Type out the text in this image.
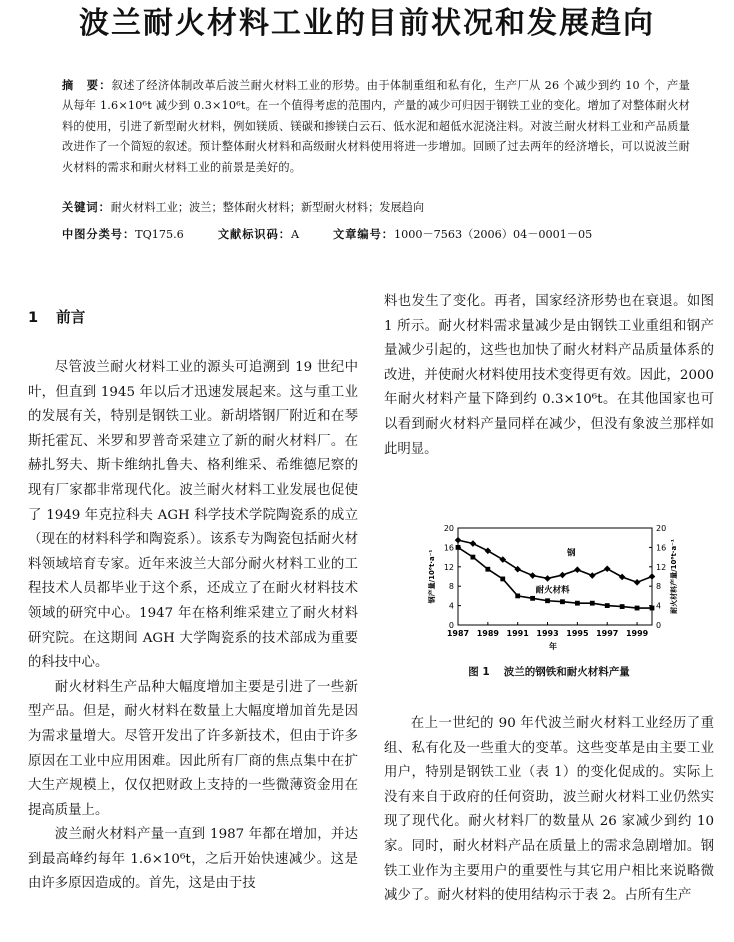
波兰耐火材料工业的目前状况和发展趋向
摘　要：叙述了经济体制改革后波兰耐火材料工业的形势。由于体制重组和私有化，生产厂从 26 个减少到约 10 个，产量从每年 1.6×10⁶t 减少到 0.3×10⁶t。在一个值得考虑的范围内，产量的减少可归因于钢铁工业的变化。增加了对整体耐火材料的使用，引进了新型耐火材料，例如镁质、镁碳和掺镁白云石、低水泥和超低水泥浇注料。对波兰耐火材料工业和产品质量改进作了一个简短的叙述。预计整体耐火材料和高级耐火材料使用将进一步增加。回顾了过去两年的经济增长，可以说波兰耐火材料的需求和耐火材料工业的前景是美好的。
关键词：耐火材料工业；波兰；整体耐火材料；新型耐火材料；发展趋向
中图分类号：TQ175.6	文献标识码：A	文章编号：1000－7563（2006）04－0001－05
1 前言

尽管波兰耐火材料工业的源头可追溯到 19 世纪中叶，但直到 1945 年以后才迅速发展起来。这与重工业的发展有关，特别是钢铁工业。新胡塔钢厂附近和在琴斯托霍瓦、米罗和罗普奇采建立了新的耐火材料厂。在赫扎努夫、斯卡维纳扎鲁夫、格利维采、希维德尼察的现有厂家都非常现代化。波兰耐火材料工业发展也促使了 1949 年克拉科夫 AGH 科学技术学院陶瓷系的成立（现在的材料科学和陶瓷系）。该系专为陶瓷包括耐火材料领域培育专家。近年来波兰大部分耐火材料工业的工程技术人员都毕业于这个系，还成立了在耐火材料技术领域的研究中心。1947 年在格利维采建立了耐火材料研究院。在这期间 AGH 大学陶瓷系的技术部成为重要的科技中心。

耐火材料生产品种大幅度增加主要是引进了一些新型产品。但是，耐火材料在数量上大幅度增加首先是因为需求量增大。尽管开发出了许多新技术，但由于许多原因在工业中应用困难。因此所有厂商的焦点集中在扩大生产规模上，仅仅把财政上支持的一些微薄资金用在提高质量上。

波兰耐火材料产量一直到 1987 年都在增加，并达到最高峰约每年 1.6×10⁶t，之后开始快速减少。这是由许多原因造成的。首先，这是由于技

料也发生了变化。再者，国家经济形势也在衰退。如图 1 所示。耐火材料需求量减少是由钢铁工业重组和钢产量减少引起的，这些也加快了耐火材料产品质量体系的改进，并使耐火材料使用技术变得更有效。因此，2000 年耐火材料产量下降到约 0.3×10⁶t。在其他国家也可以看到耐火材料产量同样在减少，但没有象波兰那样如此明显。

0	0
4	4
8	8
12	12
16	16
20	20
1987 1989 1991 1993 1995 1997 1999
年
钢产量/10⁶t·a⁻¹	耐火材料产量/10⁶t·a⁻¹
钢
耐火材料
图 1 波兰的钢铁和耐火材料产量

在上一世纪的 90 年代波兰耐火材料工业经历了重组、私有化及一些重大的变革。这些变革是由主要工业用户，特别是钢铁工业（表 1）的变化促成的。实际上没有来自于政府的任何资助，波兰耐火材料工业仍然实现了现代化。耐火材料厂的数量从 26 家减少到约 10 家。同时，耐火材料产品在质量上的需求急剧增加。钢铁工业作为主要用户的重要性与其它用户相比来说略微减少了。耐火材料的使用结构示于表 2。占所有生产
